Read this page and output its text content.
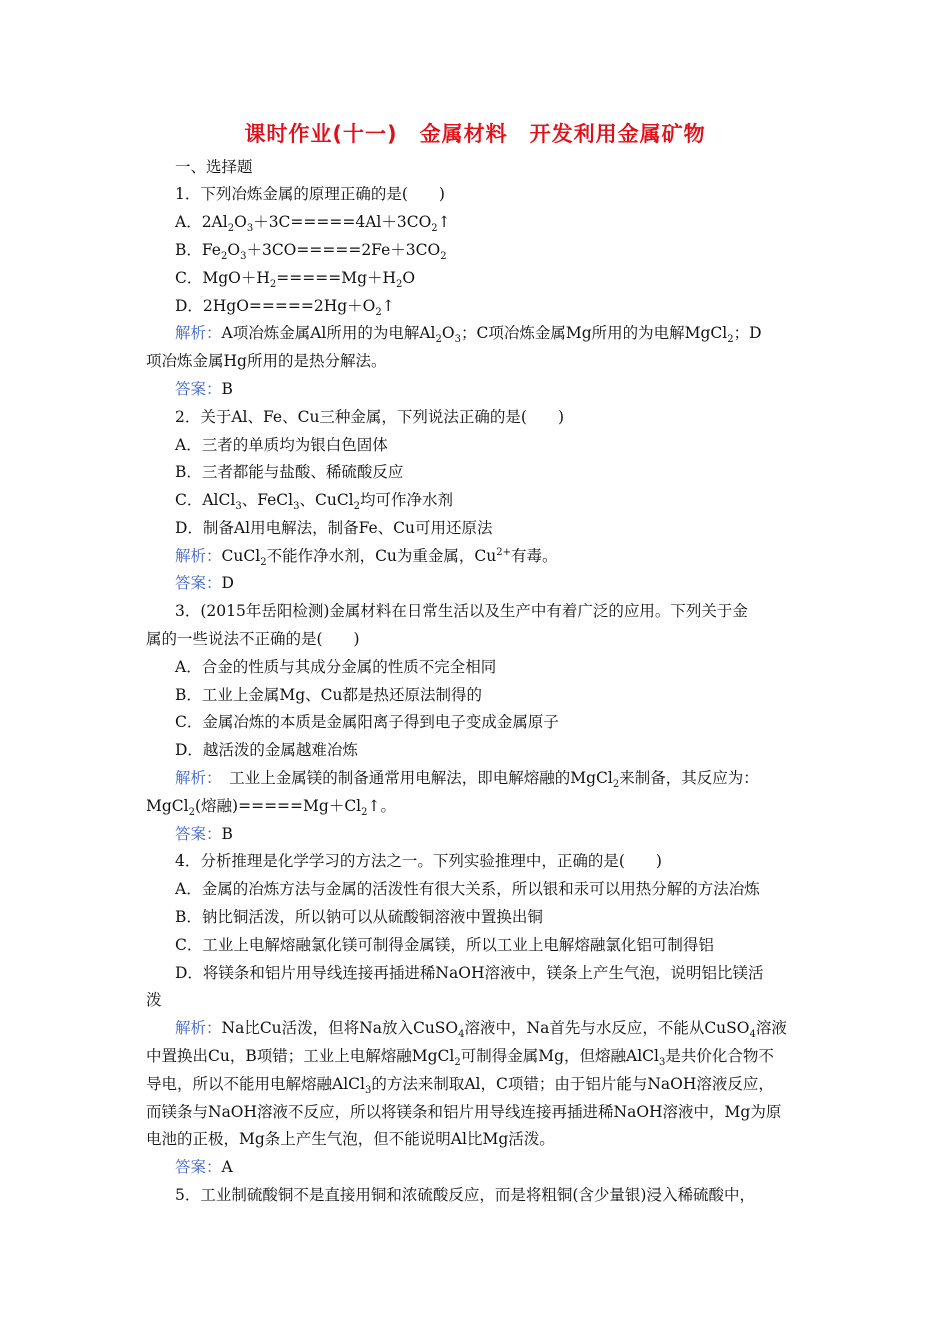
课时作业(十一)　金属材料　开发利用金属矿物
一、选择题
1．下列冶炼金属的原理正确的是(　　)
A．$2Al_2O_3+3C=====4Al+3CO_2↑$
B．$Fe_2O_3+3CO=====2Fe+3CO_2$
C．$MgO+H_2=====Mg+H_2O$
D．$2HgO=====2Hg+O_2↑$
解析：A项冶炼金属Al所用的为电解$Al_2O_3$；C项冶炼金属Mg所用的为电解MgCl$_2$；D
项冶炼金属Hg所用的是热分解法。
答案：B
2．关于Al、Fe、Cu三种金属，下列说法正确的是(　　)
A．三者的单质均为银白色固体
B．三者都能与盐酸、稀硫酸反应
C．AlCl$_3$、FeCl$_3$、CuCl$_2$均可作净水剂
D．制备Al用电解法，制备Fe、Cu可用还原法
解析：CuCl$_2$不能作净水剂，Cu为重金属，$Cu^{2+}$有毒。
答案：D
3．(2015年岳阳检测)金属材料在日常生活以及生产中有着广泛的应用。下列关于金
属的一些说法不正确的是(　　)
A．合金的性质与其成分金属的性质不完全相同
B．工业上金属Mg、Cu都是热还原法制得的
C．金属冶炼的本质是金属阳离子得到电子变成金属原子
D．越活泼的金属越难冶炼
解析：　工业上金属镁的制备通常用电解法，即电解熔融的MgCl$_2$来制备，其反应为：
MgCl$_2$(熔融)$=====Mg+Cl_2↑$。
答案：B
4．分析推理是化学学习的方法之一。下列实验推理中，正确的是(　　)
A．金属的冶炼方法与金属的活泼性有很大关系，所以银和汞可以用热分解的方法冶炼
B．钠比铜活泼，所以钠可以从硫酸铜溶液中置换出铜
C．工业上电解熔融氯化镁可制得金属镁，所以工业上电解熔融氯化铝可制得铝
D．将镁条和铝片用导线连接再插进稀NaOH溶液中，镁条上产生气泡，说明铝比镁活
泼
解析：Na比Cu活泼，但将Na放入CuSO$_4$溶液中，Na首先与水反应，不能从CuSO$_4$溶液
中置换出Cu，B项错；工业上电解熔融MgCl$_2$可制得金属Mg，但熔融AlCl$_3$是共价化合物不
导电，所以不能用电解熔融AlCl$_3$的方法来制取Al，C项错；由于铝片能与NaOH溶液反应，
而镁条与NaOH溶液不反应，所以将镁条和铝片用导线连接再插进稀NaOH溶液中，Mg为原
电池的正极，Mg条上产生气泡，但不能说明Al比Mg活泼。
答案：A
5．工业制硫酸铜不是直接用铜和浓硫酸反应，而是将粗铜(含少量银)浸入稀硫酸中，
